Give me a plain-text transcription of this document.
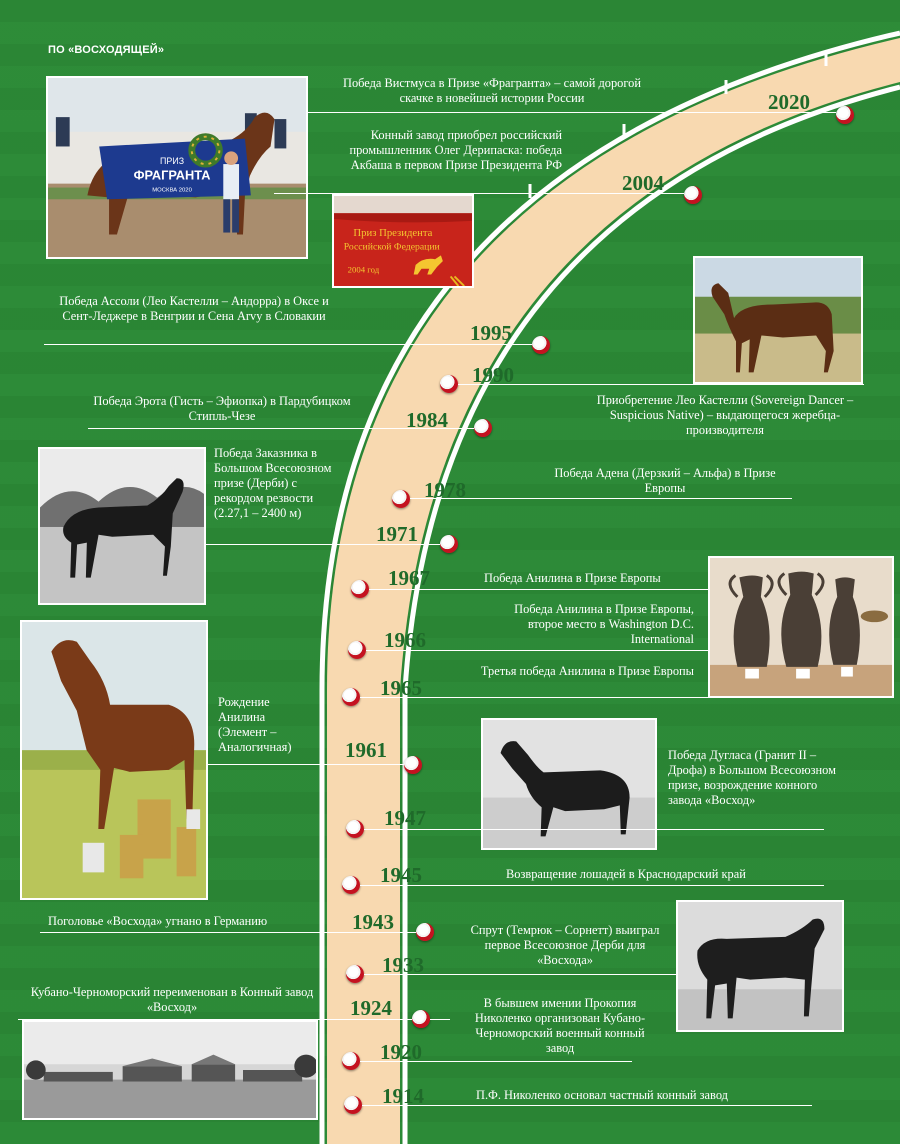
ПО «ВОСХОДЯЩЕЙ»
ПРИЗ
ФРАГРАНТА
МОСКВА 2020
Приз Президента
Российской Федерации
2004 год
2020
2004
1995
1990
1984
1978
1971
1967
1966
1965
1961
1947
1945
1943
1933
1924
1920
1914
Победа Вистмуса в Призе «Фрагранта» – самой дорогой скачке в новейшей истории России
Конный завод приобрел российский промышленник Олег Дерипаска: победа Акбаша в первом Призе Президента РФ
Победа Ассоли (Лео Кастелли – Андорра) в Оксе и Сент-Леджере в Венгрии и Сена Arvy в Словакии
Приобретение Лео Кастелли (Sovereign Dancer – Suspicious Native) – выдающегося жеребца-производителя
Победа Эрота (Гисть – Эфиопка) в Пардубицком Стипль-Чезе
Победа Адена (Дерзкий – Альфа) в Призе Европы
Победа Заказника в Большом Всесоюзном призе (Дерби) с рекордом резвости (2.27,1 – 2400 м)
Победа Анилина в Призе Европы
Победа Анилина в Призе Европы, второе место в Washington D.C. International
Третья победа Анилина в Призе Европы
Рождение Анилина (Элемент – Аналогичная)
Победа Дугласа (Гранит II – Дрофа) в Большом Всесоюзном призе, возрождение конного завода «Восход»
Возвращение лошадей в Краснодарский край
Поголовье «Восхода» угнано в Германию
Спрут (Темрюк – Сорнетт) выиграл первое Всесоюзное Дерби для «Восхода»
Кубано-Черноморский переименован в Конный завод «Восход»	В бывшем имении Прокопия Николенко организован Кубано-Черноморский военный конный завод
П.Ф. Николенко основал частный конный завод
